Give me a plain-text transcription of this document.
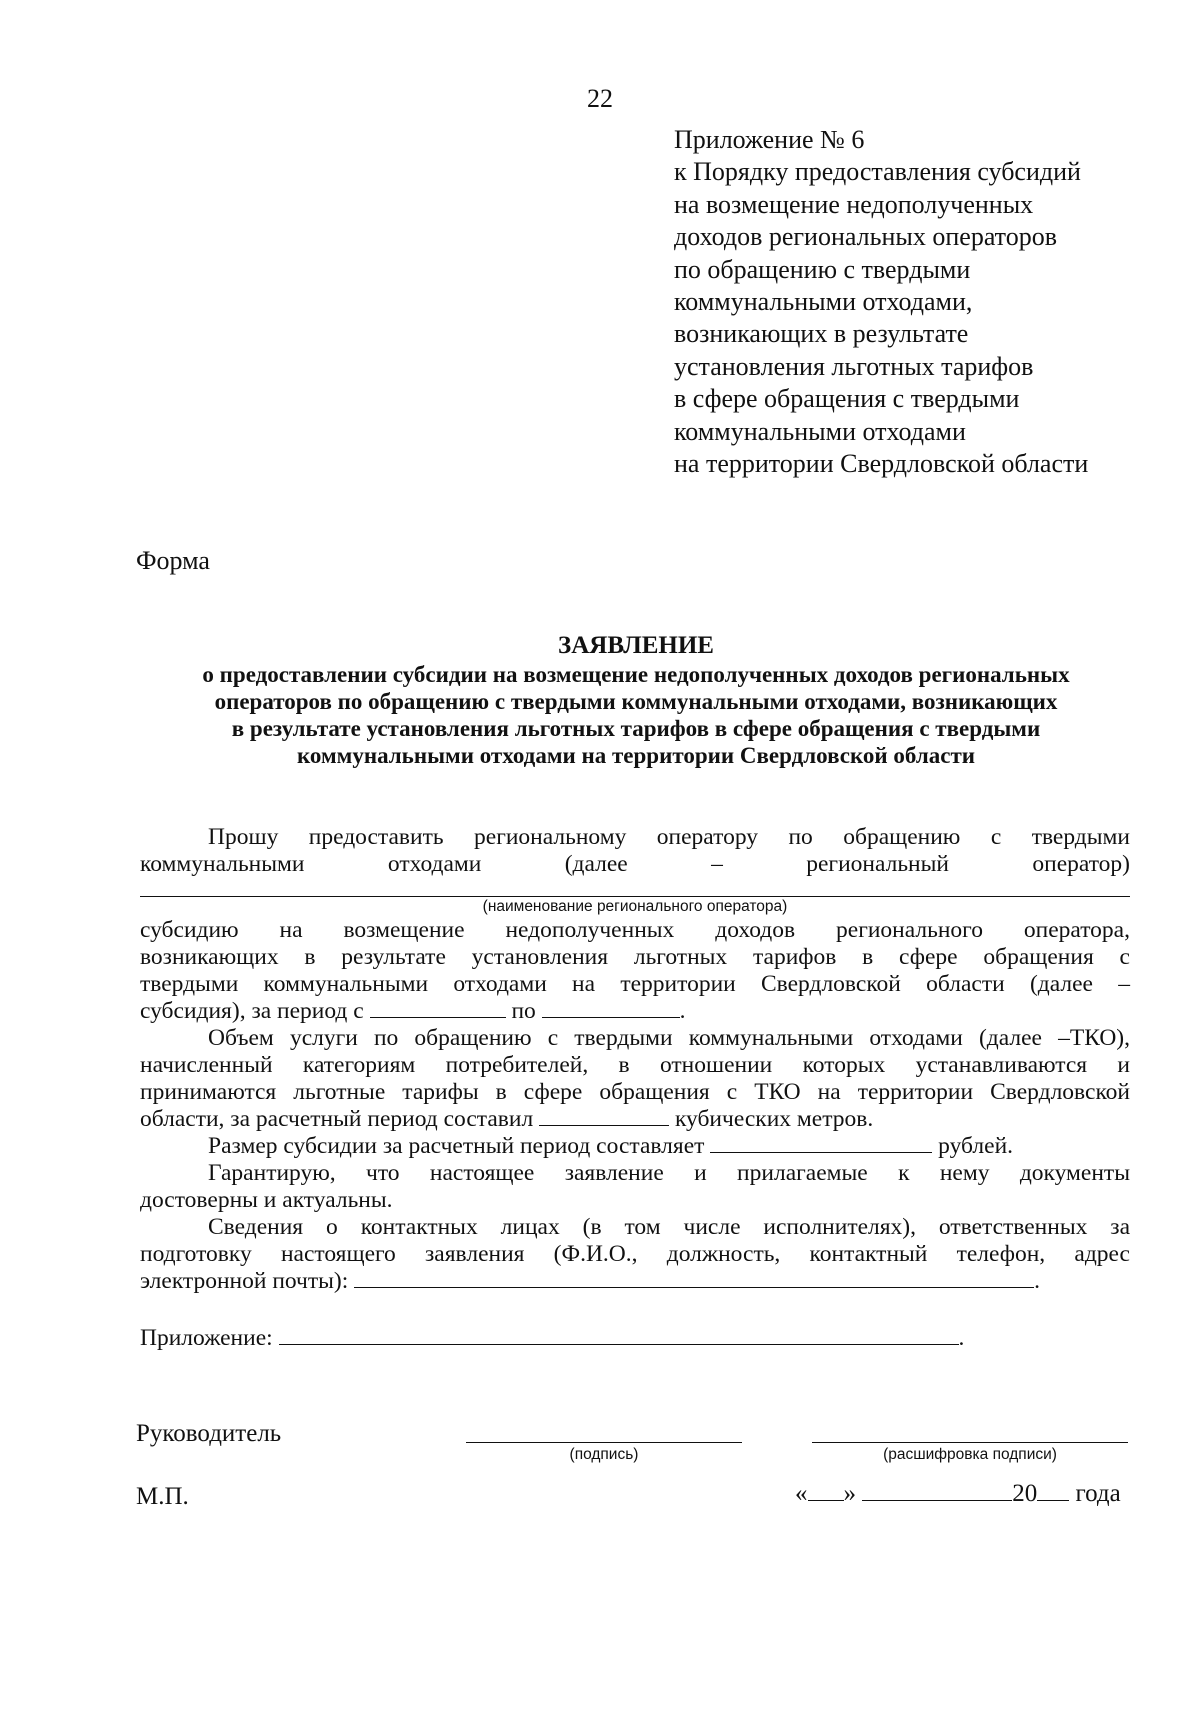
22
Приложение № 6
к Порядку предоставления субсидий
на возмещение недополученных
доходов региональных операторов
по обращению с твердыми
коммунальными отходами,
возникающих в результате
установления льготных тарифов
в сфере обращения с твердыми
коммунальными отходами
на территории Свердловской области
Форма
ЗАЯВЛЕНИЕ
о предоставлении субсидии на возмещение недополученных доходов региональных
операторов по обращению с твердыми коммунальными отходами, возникающих
в результате установления льготных тарифов в сфере обращения с твердыми
коммунальными отходами на территории Свердловской области
Прошу предоставить региональному оператору по обращению с твердыми
коммунальными	отходами	(далее	–	региональный	оператор)
(наименование регионального оператора)
субсидию на возмещение недополученных доходов регионального оператора,
возникающих в результате установления льготных тарифов в сфере обращения с
твердыми коммунальными отходами на территории Свердловской области (далее –
субсидия), за период с	по	.
Объем услуги по обращению с твердыми коммунальными отходами (далее –ТКО),
начисленный категориям потребителей, в отношении которых устанавливаются и
принимаются льготные тарифы в сфере обращения с ТКО на территории Свердловской
области, за расчетный период составил	кубических метров.
Размер субсидии за расчетный период составляет	рублей.
Гарантирую, что настоящее заявление и прилагаемые к нему документы
достоверны и актуальны.
Сведения о контактных лицах (в том числе исполнителях), ответственных за
подготовку настоящего заявления (Ф.И.О., должность, контактный телефон, адрес
электронной почты):	.
Приложение:	.
Руководитель
(подпись)	(расшифровка подписи)
М.П.	« »	20 года
